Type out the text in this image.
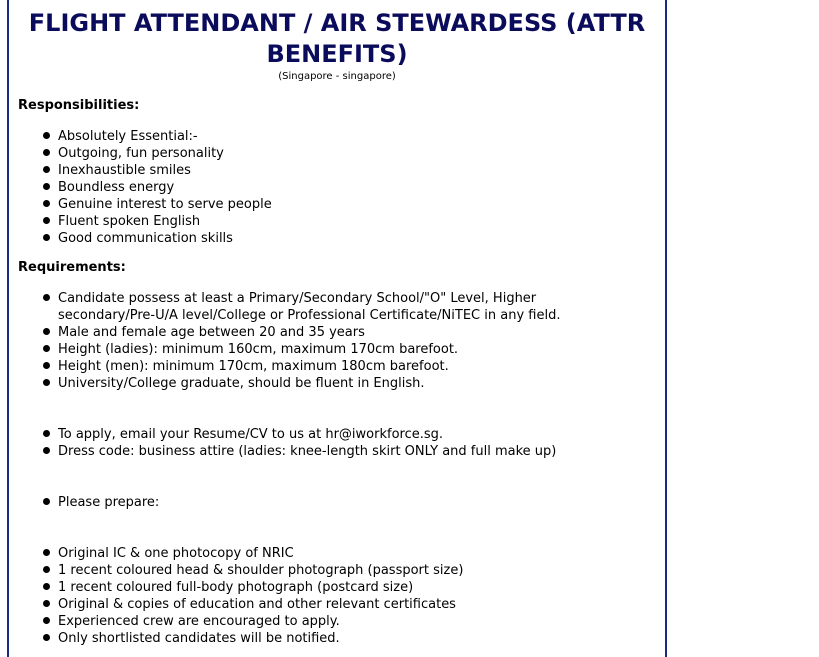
FLIGHT ATTENDANT / AIR STEWARDESS (ATTR BENEFITS)
(Singapore - singapore)
Responsibilities:
Absolutely Essential:-
Outgoing, fun personality
Inexhaustible smiles
Boundless energy
Genuine interest to serve people
Fluent spoken English
Good communication skills
Requirements:
Candidate possess at least a Primary/Secondary School/"O" Level, Higher secondary/Pre-U/A level/College or Professional Certificate/NiTEC in any field.
Male and female age between 20 and 35 years
Height (ladies): minimum 160cm, maximum 170cm barefoot.
Height (men): minimum 170cm, maximum 180cm barefoot.
University/College graduate, should be fluent in English.
To apply, email your Resume/CV to us at hr@iworkforce.sg.
Dress code: business attire (ladies: knee-length skirt ONLY and full make up)
Please prepare:
Original IC & one photocopy of NRIC
1 recent coloured head & shoulder photograph (passport size)
1 recent coloured full-body photograph (postcard size)
Original & copies of education and other relevant certificates
Experienced crew are encouraged to apply.
Only shortlisted candidates will be notified.
